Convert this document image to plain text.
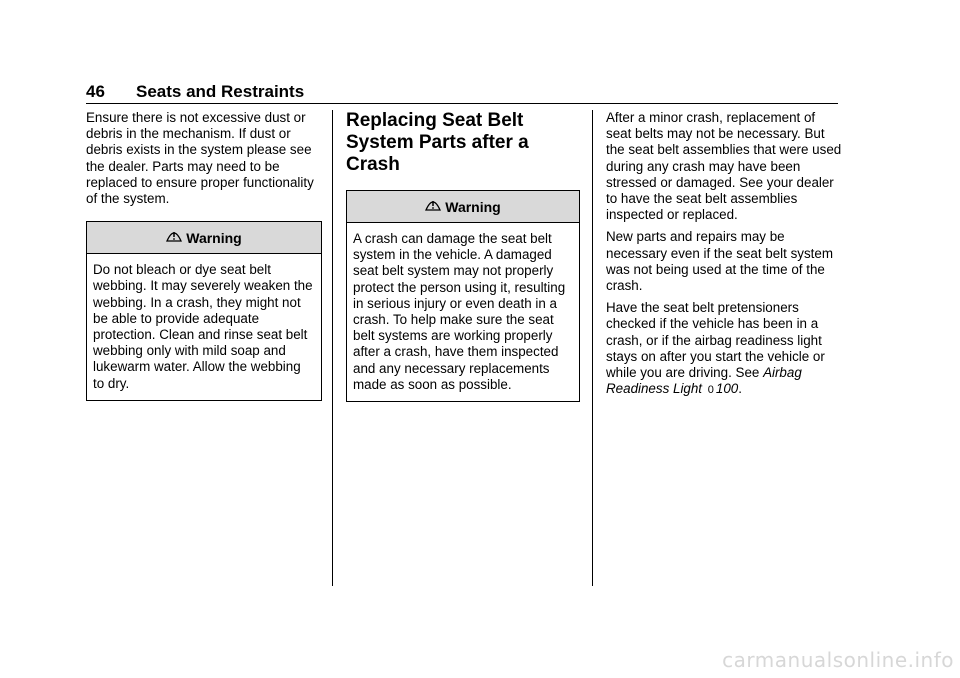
46	Seats and Restraints

Ensure there is not excessive dust or debris in the mechanism. If dust or debris exists in the system please see the dealer. Parts may need to be replaced to ensure proper functionality of the system.

Warning
Do not bleach or dye seat belt webbing. It may severely weaken the webbing. In a crash, they might not be able to provide adequate protection. Clean and rinse seat belt webbing only with mild soap and lukewarm water. Allow the webbing to dry.
Replacing Seat Belt System Parts after a Crash
Warning
A crash can damage the seat belt system in the vehicle. A damaged seat belt system may not properly protect the person using it, resulting in serious injury or even death in a crash. To help make sure the seat belt systems are working properly after a crash, have them inspected and any necessary replacements made as soon as possible.

After a minor crash, replacement of seat belts may not be necessary. But the seat belt assemblies that were used during any crash may have been stressed or damaged. See your dealer to have the seat belt assemblies inspected or replaced.

New parts and repairs may be necessary even if the seat belt system was not being used at the time of the crash.

Have the seat belt pretensioners checked if the vehicle has been in a crash, or if the airbag readiness light stays on after you start the vehicle or while you are driving. See Airbag Readiness Light 0 100.

carmanualsonline.info
